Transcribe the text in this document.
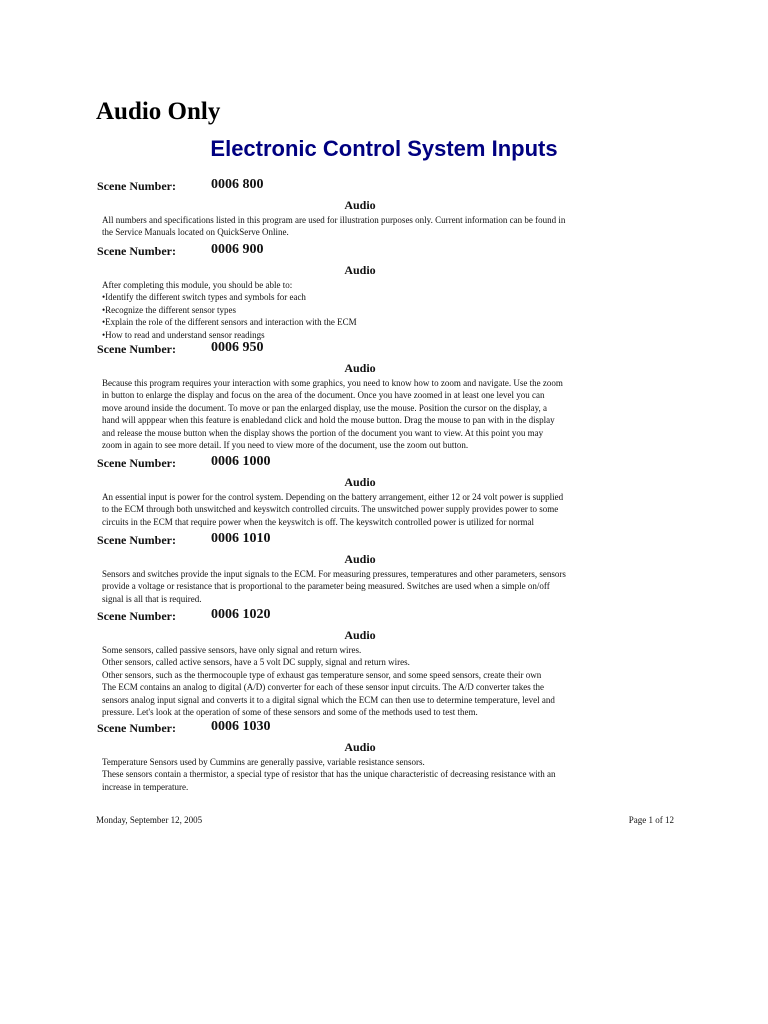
Audio Only
Electronic Control System Inputs
Scene Number:	0006 800
Audio

All numbers and specifications listed in this program are used for illustration purposes only. Current information can be found in
the Service Manuals located on QuickServe Online.

Scene Number:	0006 900
Audio

After completing this module, you should be able to:

• Identify the different switch types and symbols for each
• Recognize the different sensor types
• Explain the role of the different sensors and interaction with the ECM
• How to read and understand sensor readings
Scene Number:	0006 950
Audio

Because this program requires your interaction with some graphics, you need to know how to zoom and navigate. Use the zoom
in button to enlarge the display and focus on the area of the document. Once you have zoomed in at least one level you can
move around inside the document. To move or pan the enlarged display, use the mouse. Position the cursor on the display, a
hand will apppear when this feature is enabledand click and hold the mouse button. Drag the mouse to pan with in the display
and release the mouse button when the display shows the portion of the document you want to view. At this point you may
zoom in again to see more detail. If you need to view more of the document, use the zoom out button.

Scene Number:	0006 1000
Audio

An essential input is power for the control system. Depending on the battery arrangement, either 12 or 24 volt power is supplied
to the ECM through both unswitched and keyswitch controlled circuits. The unswitched power supply provides power to some
circuits in the ECM that require power when the keyswitch is off. The keyswitch controlled power is utilized for normal

Scene Number:	0006 1010
Audio

Sensors and switches provide the input signals to the ECM. For measuring pressures, temperatures and other parameters, sensors
provide a voltage or resistance that is proportional to the parameter being measured. Switches are used when a simple on/off
signal is all that is required.

Scene Number:	0006 1020
Audio

Some sensors, called passive sensors, have only signal and return wires.

Other sensors, called active sensors, have a 5 volt DC supply, signal and return wires.

Other sensors, such as the thermocouple type of exhaust gas temperature sensor, and some speed sensors, create their own

The ECM contains an analog to digital (A/D) converter for each of these sensor input circuits. The A/D converter takes the
sensors analog input signal and converts it to a digital signal which the ECM can then use to determine temperature, level and
pressure. Let's look at the operation of some of these sensors and some of the methods used to test them.

Scene Number:	0006 1030
Audio

Temperature Sensors used by Cummins are generally passive, variable resistance sensors.

These sensors contain a thermistor, a special type of resistor that has the unique characteristic of decreasing resistance with an
increase in temperature.

Monday, September 12, 2005	Page 1 of 12
